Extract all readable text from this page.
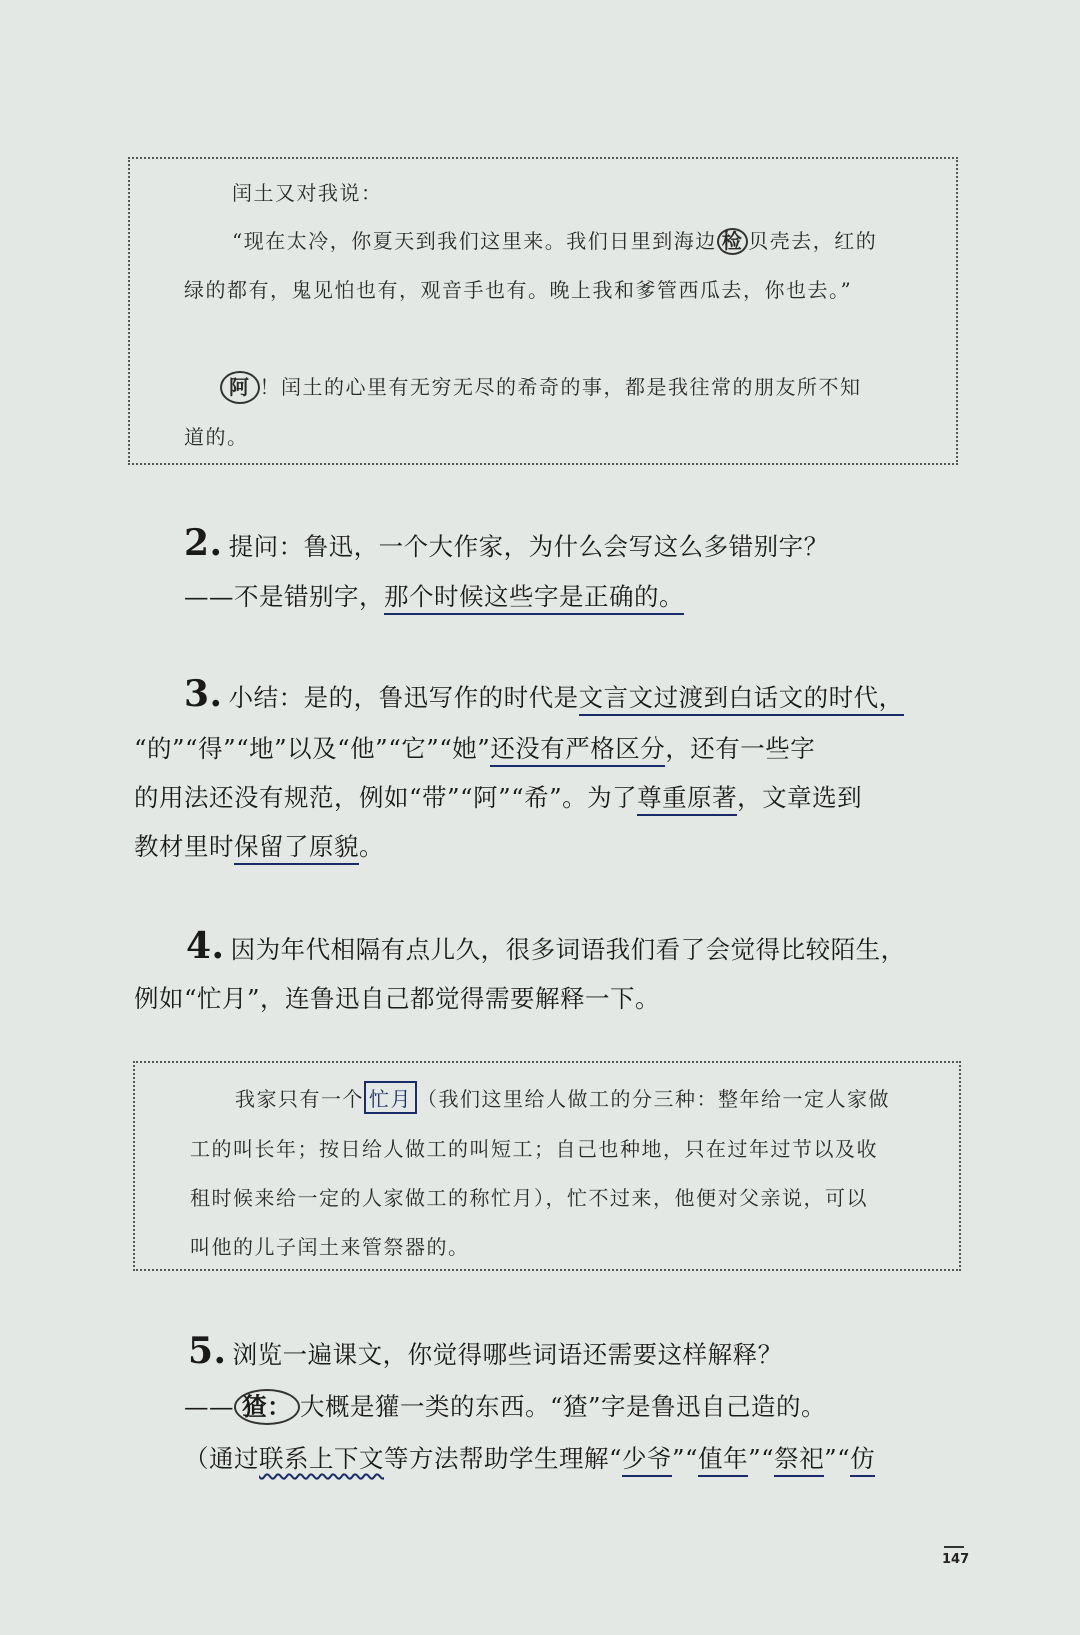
闰土又对我说：
“现在太冷，你夏天到我们这里来。我们日里到海边 检 贝壳去，红的
绿的都有，鬼见怕也有，观音手也有。晚上我和爹管西瓜去，你也去。”
阿 ！闰土的心里有无穷无尽的希奇的事，都是我往常的朋友所不知
道的。
2. 提问：鲁迅，一个大作家，为什么会写这么多错别字？
——不是错别字，那个时候这些字是正确的。
3. 小结：是的，鲁迅写作的时代是文言文过渡到白话文的时代，
“的”“得”“地”以及“他”“它”“她”还没有严格区分，还有一些字
的用法还没有规范，例如“带”“阿”“希”。为了尊重原著，文章选到
教材里时保留了原貌。
4. 因为年代相隔有点儿久，很多词语我们看了会觉得比较陌生，
例如“忙月”，连鲁迅自己都觉得需要解释一下。
我家只有一个 忙月 （我们这里给人做工的分三种：整年给一定人家做
工的叫长年；按日给人做工的叫短工；自己也种地，只在过年过节以及收
租时候来给一定的人家做工的称忙月），忙不过来，他便对父亲说，可以
叫他的儿子闰土来管祭器的。
5. 浏览一遍课文，你觉得哪些词语还需要这样解释？
—— 猹： 大概是獾一类的东西。“猹”字是鲁迅自己造的。
（通过联系上下文等方法帮助学生理解“少爷”“值年”“祭祀”“仿
147
